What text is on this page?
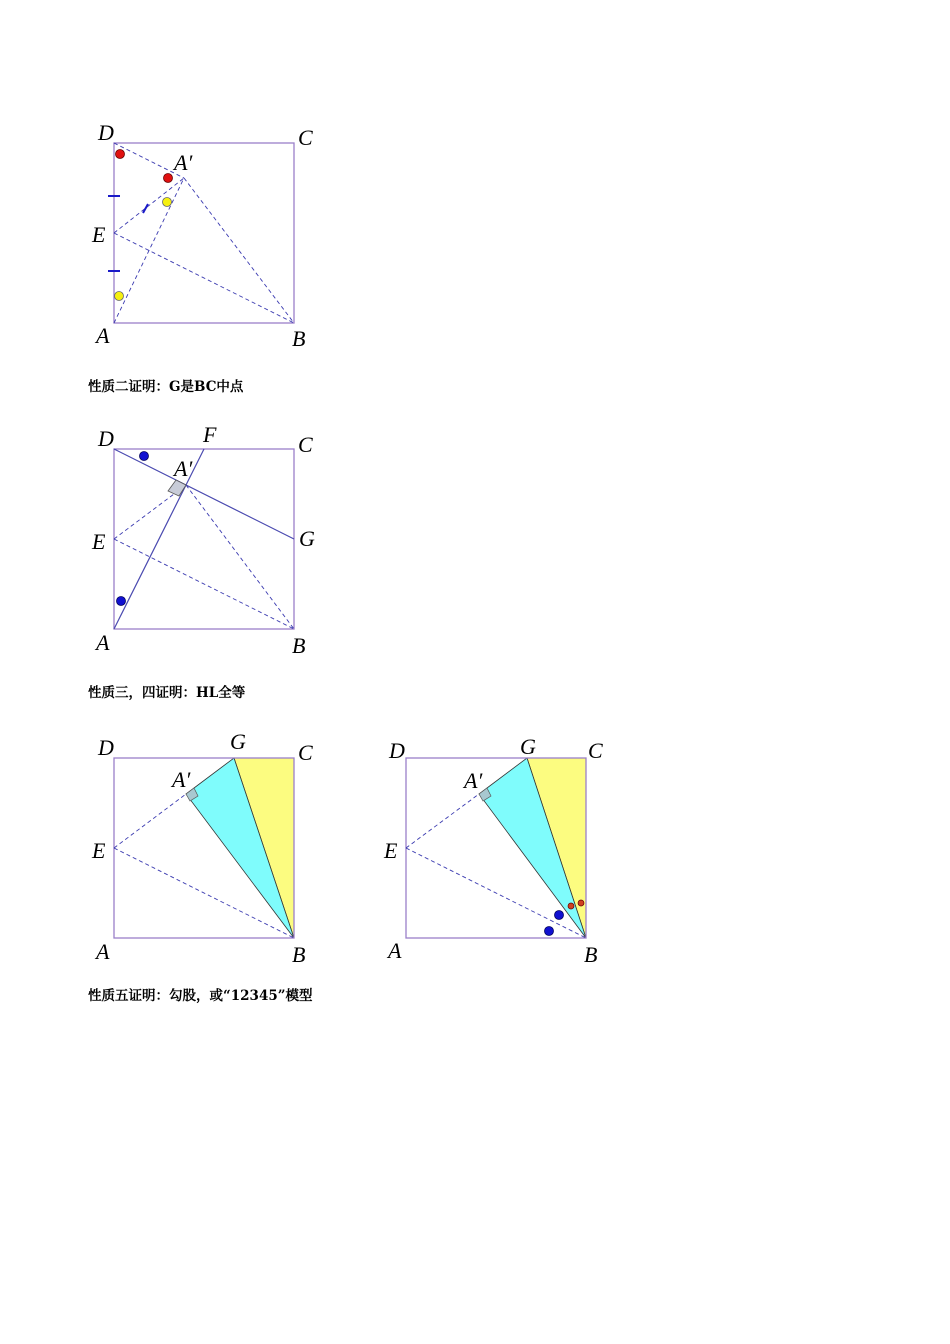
D	C
A′
E
A	B
性质二证明：G是BC中点
D	F	C
A′
E	G
A	B
性质三，四证明：HL全等
D	G C
A′
E
A	B
D	G C
A′
E
A	B
性质五证明：勾股，或“12345”模型
